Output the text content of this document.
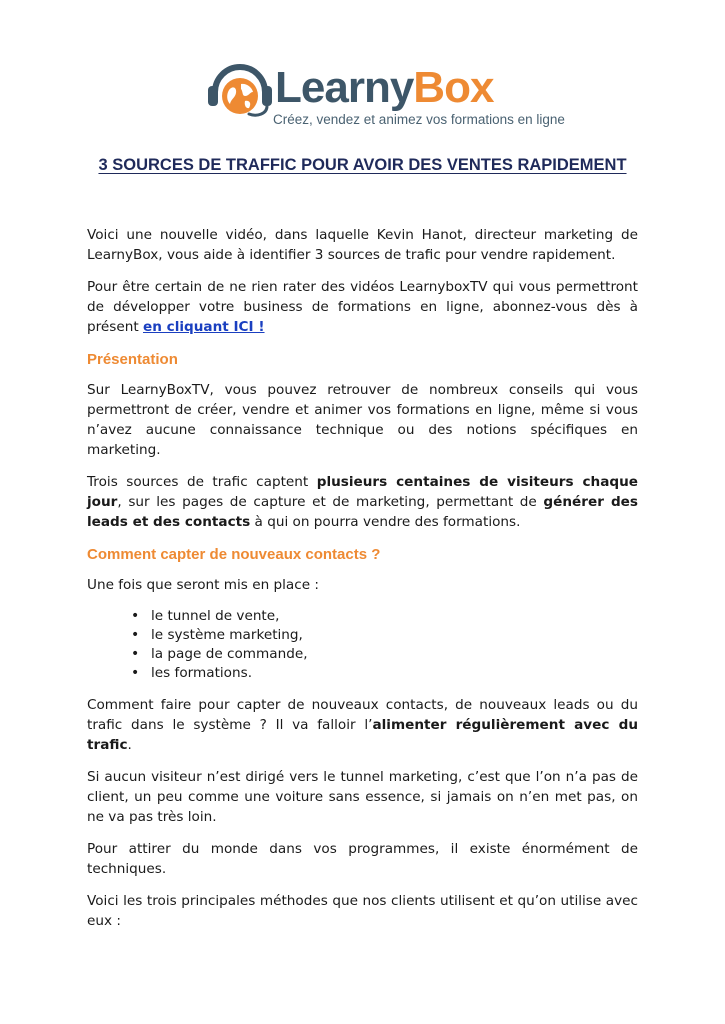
LearnyBox
Créez, vendez et animez vos formations en ligne
3 SOURCES DE TRAFFIC POUR AVOIR DES VENTES RAPIDEMENT

Voici une nouvelle vidéo, dans laquelle Kevin Hanot, directeur marketing de LearnyBox, vous aide à identifier 3 sources de trafic pour vendre rapidement.

Pour être certain de ne rien rater des vidéos LearnyboxTV qui vous permettront de développer votre business de formations en ligne, abonnez-vous dès à présent en cliquant ICI !

Présentation

Sur LearnyBoxTV, vous pouvez retrouver de nombreux conseils qui vous permettront de créer, vendre et animer vos formations en ligne, même si vous n’avez aucune connaissance technique ou des notions spécifiques en marketing.

Trois sources de trafic captent plusieurs centaines de visiteurs chaque jour, sur les pages de capture et de marketing, permettant de générer des leads et des contacts à qui on pourra vendre des formations.

Comment capter de nouveaux contacts ?

Une fois que seront mis en place :

• le tunnel de vente,
• le système marketing,
• la page de commande,
• les formations.

Comment faire pour capter de nouveaux contacts, de nouveaux leads ou du trafic dans le système ? Il va falloir l’alimenter régulièrement avec du trafic.

Si aucun visiteur n’est dirigé vers le tunnel marketing, c’est que l’on n’a pas de client, un peu comme une voiture sans essence, si jamais on n’en met pas, on ne va pas très loin.

Pour attirer du monde dans vos programmes, il existe énormément de techniques.

Voici les trois principales méthodes que nos clients utilisent et qu’on utilise avec eux :
